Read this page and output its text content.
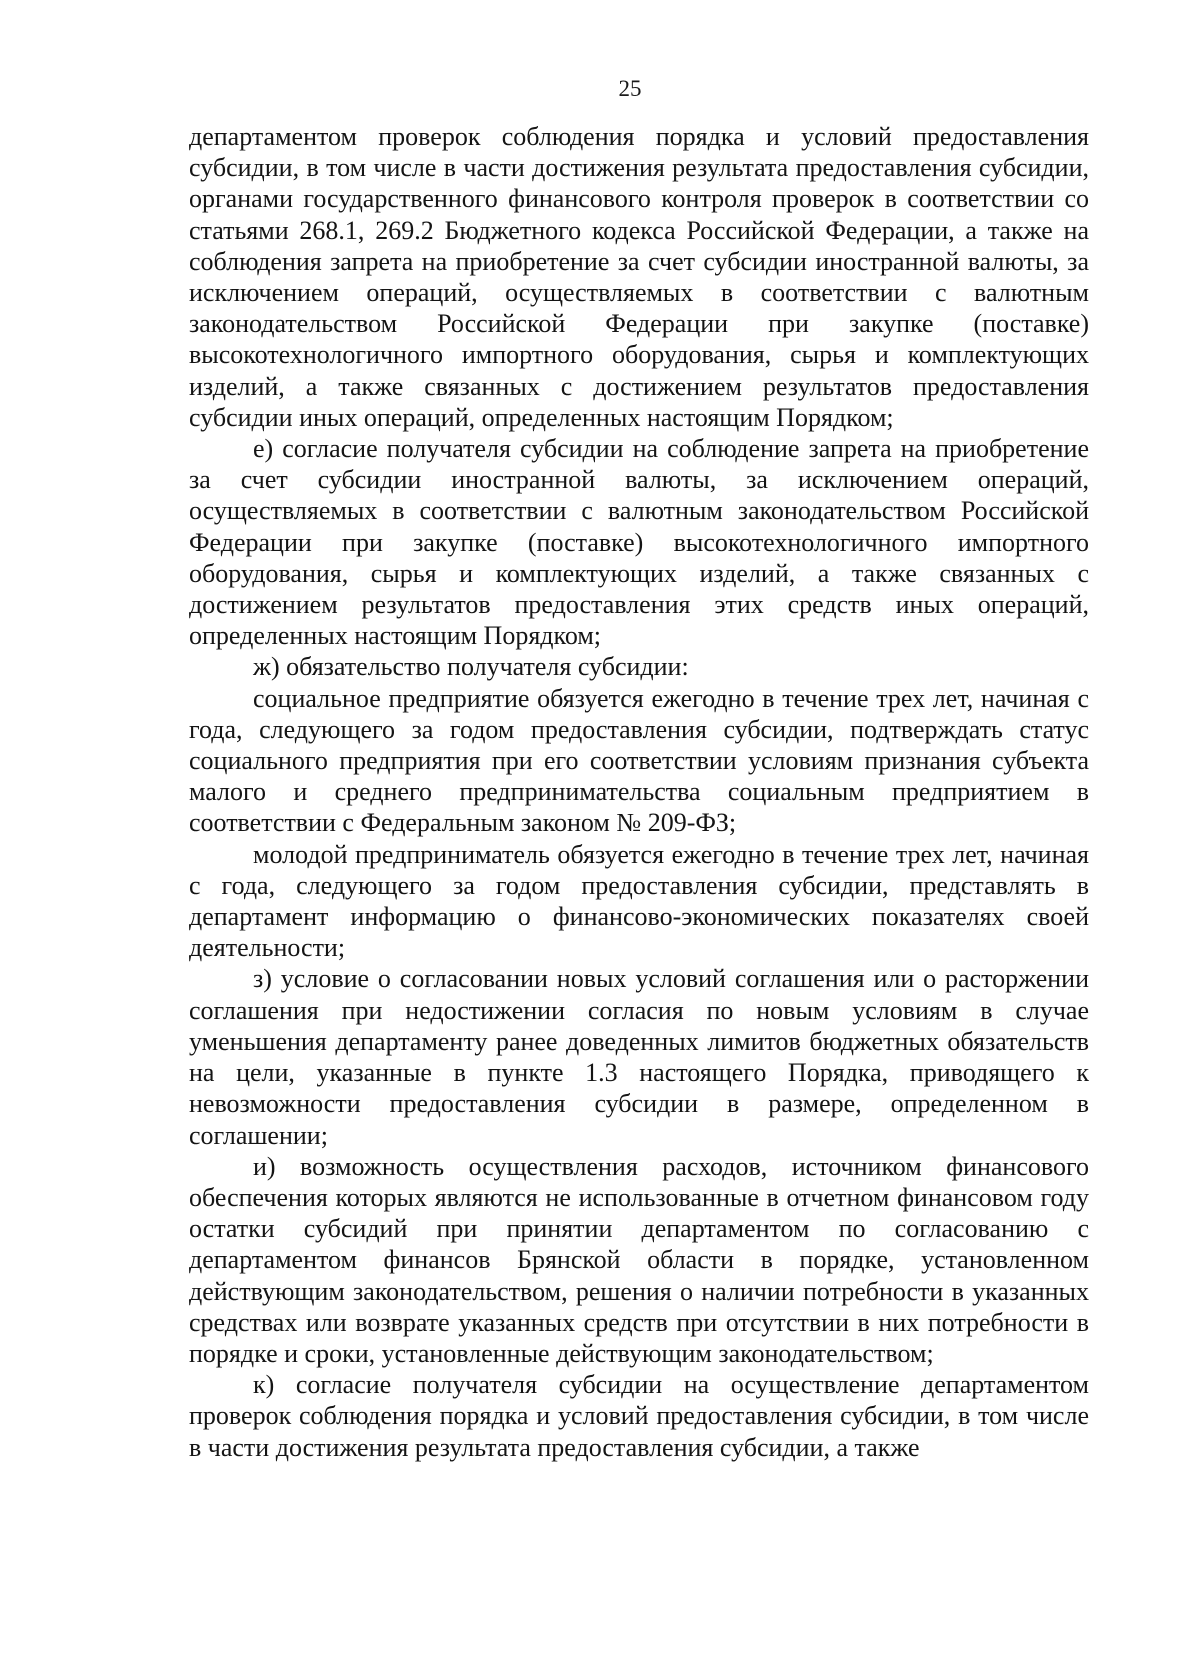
25

департаментом проверок соблюдения порядка и условий предоставления субсидии, в том числе в части достижения результата предоставления субсидии, органами государственного финансового контроля проверок в соответствии со статьями 268.1, 269.2 Бюджетного кодекса Российской Федерации, а также на соблюдения запрета на приобретение за счет субсидии иностранной валюты, за исключением операций, осуществляемых в соответствии с валютным законодательством Российской Федерации при закупке (поставке) высокотехнологичного импортного оборудования, сырья и комплектующих изделий, а также связанных с достижением результатов предоставления субсидии иных операций, определенных настоящим Порядком;

е) согласие получателя субсидии на соблюдение запрета на приобретение за счет субсидии иностранной валюты, за исключением операций, осуществляемых в соответствии с валютным законодательством Российской Федерации при закупке (поставке) высокотехнологичного импортного оборудования, сырья и комплектующих изделий, а также связанных с достижением результатов предоставления этих средств иных операций, определенных настоящим Порядком;

ж) обязательство получателя субсидии:

социальное предприятие обязуется ежегодно в течение трех лет, начиная с года, следующего за годом предоставления субсидии, подтверждать статус социального предприятия при его соответствии условиям признания субъекта малого и среднего предпринимательства социальным предприятием в соответствии с Федеральным законом № 209-ФЗ;

молодой предприниматель обязуется ежегодно в течение трех лет, начиная с года, следующего за годом предоставления субсидии, представлять в департамент информацию о финансово-экономических показателях своей деятельности;

з) условие о согласовании новых условий соглашения или о расторжении соглашения при недостижении согласия по новым условиям в случае уменьшения департаменту ранее доведенных лимитов бюджетных обязательств на цели, указанные в пункте 1.3 настоящего Порядка, приводящего к невозможности предоставления субсидии в размере, определенном в соглашении;

и) возможность осуществления расходов, источником финансового обеспечения которых являются не использованные в отчетном финансовом году остатки субсидий при принятии департаментом по согласованию с департаментом финансов Брянской области в порядке, установленном действующим законодательством, решения о наличии потребности в указанных средствах или возврате указанных средств при отсутствии в них потребности в порядке и сроки, установленные действующим законодательством;

к) согласие получателя субсидии на осуществление департаментом проверок соблюдения порядка и условий предоставления субсидии, в том числе в части достижения результата предоставления субсидии, а также
